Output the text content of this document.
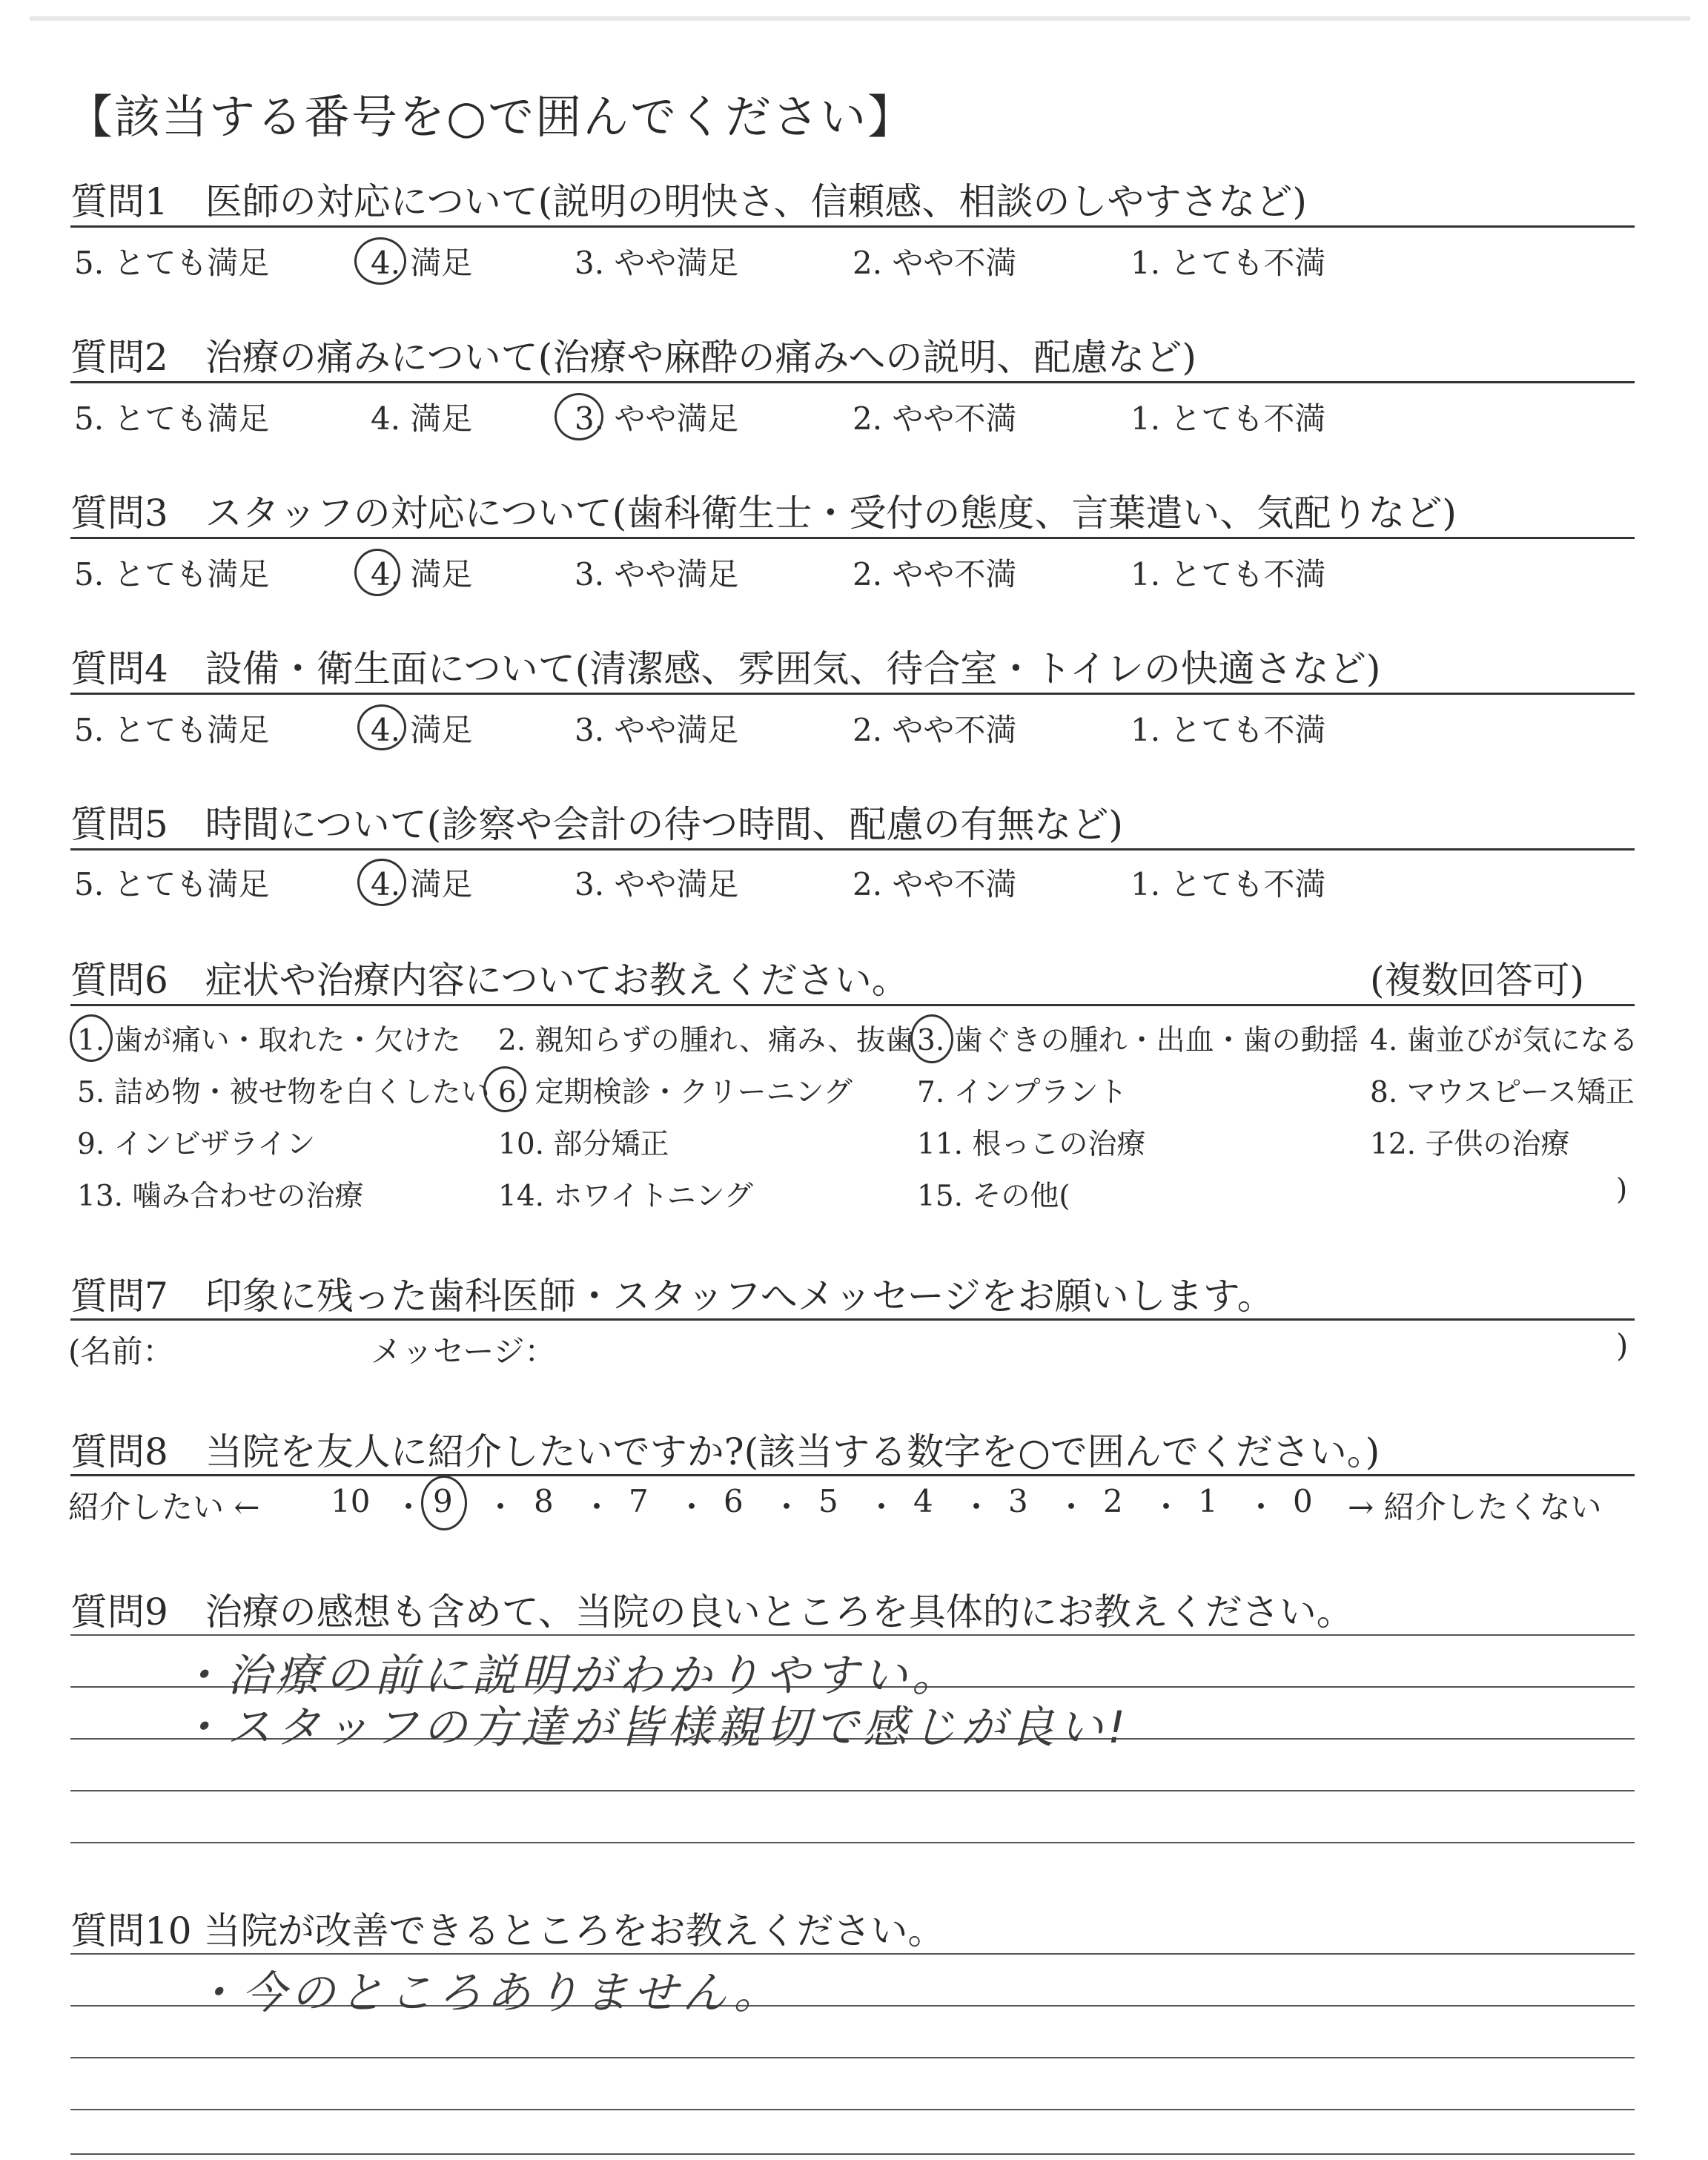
【該当する番号を○で囲んでください】
質問1　医師の対応について(説明の明快さ、信頼感、相談のしやすさなど)
5. とても満足	4. 満足	3. やや満足	2. やや不満	1. とても不満
質問2　治療の痛みについて(治療や麻酔の痛みへの説明、配慮など)
5. とても満足	4. 満足	3. やや満足	2. やや不満	1. とても不満
質問3　スタッフの対応について(歯科衛生士・受付の態度、言葉遣い、気配りなど)
5. とても満足	4. 満足	3. やや満足	2. やや不満	1. とても不満
質問4　設備・衛生面について(清潔感、雰囲気、待合室・トイレの快適さなど)
5. とても満足	4. 満足	3. やや満足	2. やや不満	1. とても不満
質問5　時間について(診察や会計の待つ時間、配慮の有無など)
5. とても満足	4. 満足	3. やや満足	2. やや不満	1. とても不満
質問6　症状や治療内容についてお教えください。	(複数回答可)
1. 歯が痛い・取れた・欠けた 2. 親知らずの腫れ、痛み、抜歯 3. 歯ぐきの腫れ・出血・歯の動揺 4. 歯並びが気になる
5. 詰め物・被せ物を白くしたい 6. 定期検診・クリーニング 7. インプラント	8. マウスピース矯正
9. インビザライン	10. 部分矯正	11. 根っこの治療	12. 子供の治療
13. 噛み合わせの治療	14. ホワイトニング	15. その他(	)
質問7　印象に残った歯科医師・スタッフへメッセージをお願いします。
(名前：	メッセージ：	)
質問8　当院を友人に紹介したいですか?(該当する数字を○で囲んでください。)
紹介したい ← 10 9	8 7 6 5 4 3 2 1 0 → 紹介したくない
・ ・ ・ ・ ・ ・ ・ ・ ・ ・
質問9　治療の感想も含めて、当院の良いところを具体的にお教えください。
・治療の前に説明がわかりやすい。
・スタッフの方達が皆様親切で感じが良い!
質問10 当院が改善できるところをお教えください。
・今のところありません。
